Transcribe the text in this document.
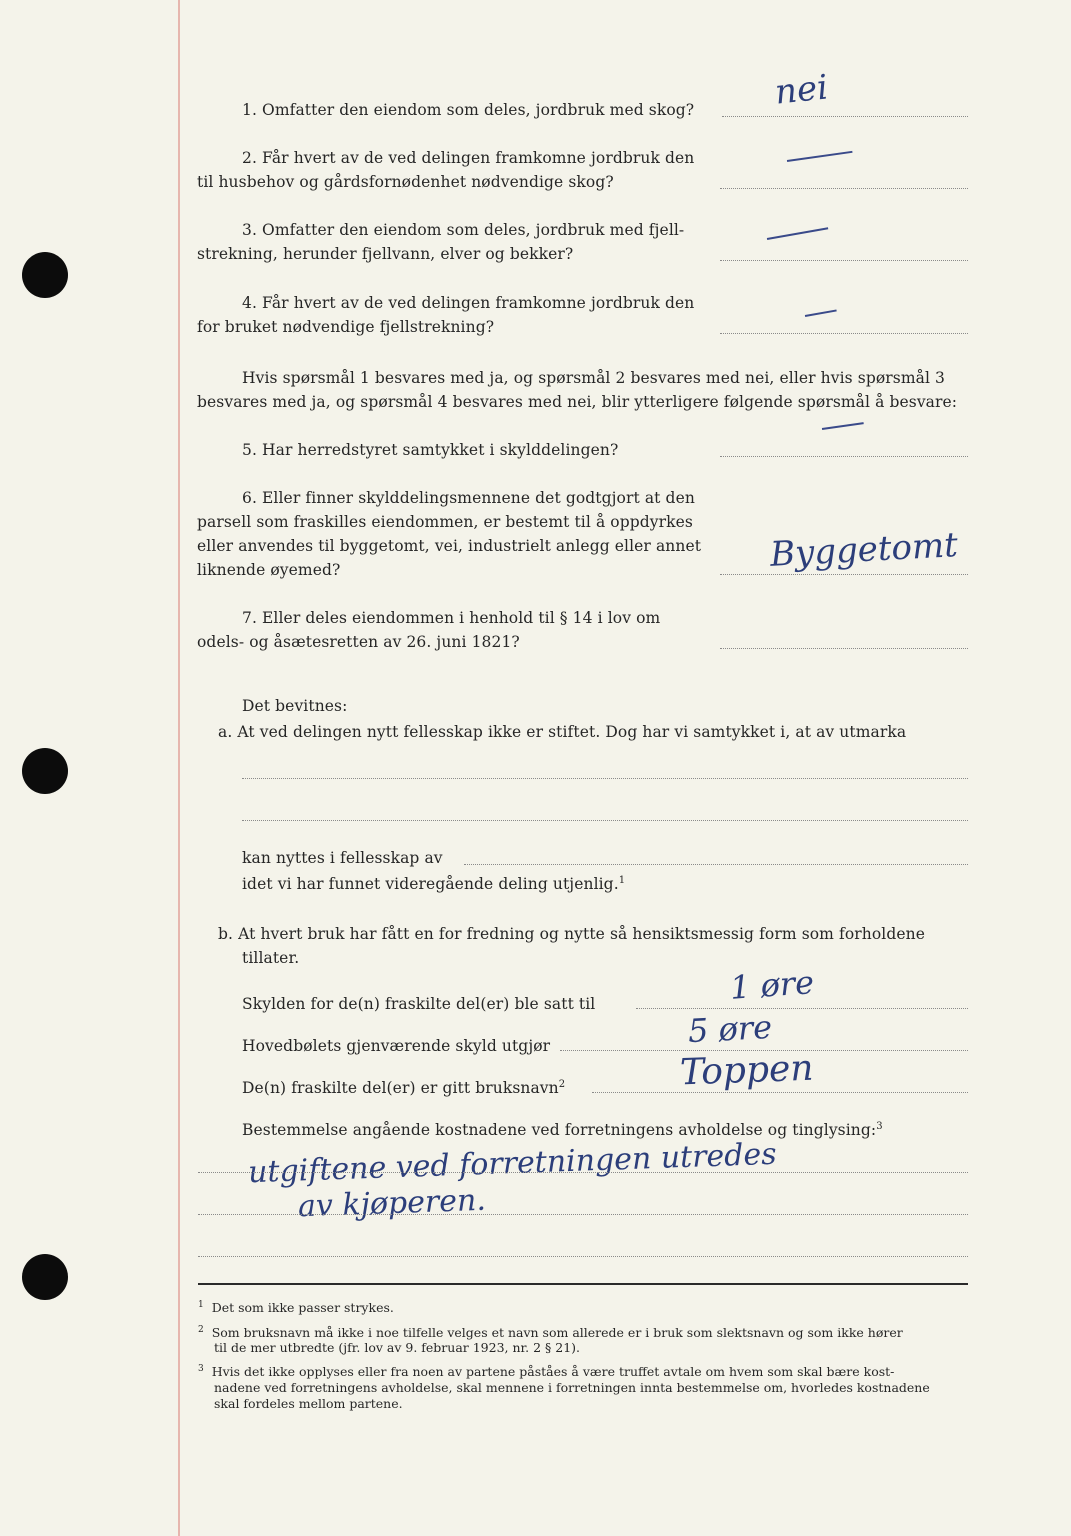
1. Omfatter den eiendom som deles, jordbruk med skog? nei
2. Får hvert av de ved delingen framkomne jordbruk den
til husbehov og gårdsfornødenhet nødvendige skog?
3. Omfatter den eiendom som deles, jordbruk med fjell-
strekning, herunder fjellvann, elver og bekker?
4. Får hvert av de ved delingen framkomne jordbruk den
for bruket nødvendige fjellstrekning?
Hvis spørsmål 1 besvares med ja, og spørsmål 2 besvares med nei, eller hvis spørsmål 3
besvares med ja, og spørsmål 4 besvares med nei, blir ytterligere følgende spørsmål å besvare:
5. Har herredstyret samtykket i skylddelingen?
6. Eller finner skylddelingsmennene det godtgjort at den
parsell som fraskilles eiendommen, er bestemt til å oppdyrkes
eller anvendes til byggetomt, vei, industrielt anlegg eller annet
liknende øyemed?	Byggetomt
7. Eller deles eiendommen i henhold til § 14 i lov om
odels- og åsætesretten av 26. juni 1821?
Det bevitnes:
a. At ved delingen nytt fellesskap ikke er stiftet. Dog har vi samtykket i, at av utmarka
kan nyttes i fellesskap av
idet vi har funnet videregående deling utjenlig.$^1$
b. At hvert bruk har fått en for fredning og nytte så hensiktsmessig form som forholdene
tillater.
Skylden for de(n) fraskilte del(er) ble satt til	1 øre
Hovedbølets gjenværende skyld utgjør	5 øre
De(n) fraskilte del(er) er gitt bruksnavn$^2$	Toppen
Bestemmelse angående kostnadene ved forretningens avholdelse og tinglysing:$^3$
utgiftene ved forretningen utredes
av kjøperen.
$^1$ Det som ikke passer strykes.
$^2$ Som bruksnavn må ikke i noe tilfelle velges et navn som allerede er i bruk som slektsnavn og som ikke hører
til de mer utbredte (jfr. lov av 9. februar 1923, nr. 2 § 21).
$^3$ Hvis det ikke opplyses eller fra noen av partene påståes å være truffet avtale om hvem som skal bære kost-
nadene ved forretningens avholdelse, skal mennene i forretningen innta bestemmelse om, hvorledes kostnadene
skal fordeles mellom partene.
